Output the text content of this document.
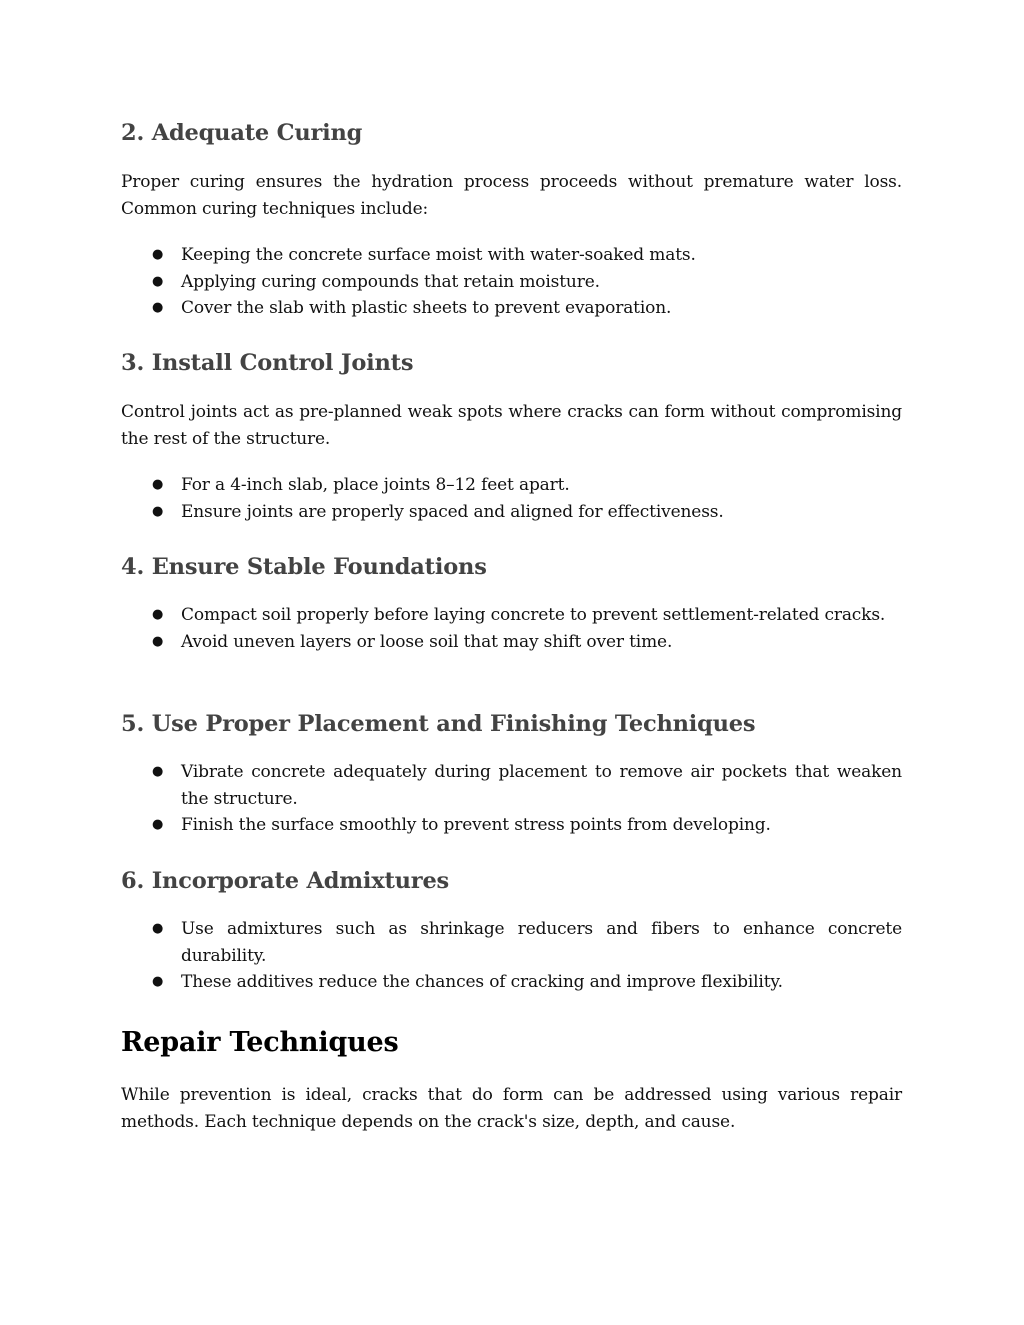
2. Adequate Curing

Proper curing ensures the hydration process proceeds without premature water loss. Common curing techniques include:

● Keeping the concrete surface moist with water-soaked mats.
● Applying curing compounds that retain moisture.
● Cover the slab with plastic sheets to prevent evaporation.
3. Install Control Joints

Control joints act as pre-planned weak spots where cracks can form without compromising the rest of the structure.

● For a 4-inch slab, place joints 8–12 feet apart.
● Ensure joints are properly spaced and aligned for effectiveness.
4. Ensure Stable Foundations
● Compact soil properly before laying concrete to prevent settlement-related cracks.
● Avoid uneven layers or loose soil that may shift over time.
5. Use Proper Placement and Finishing Techniques
● Vibrate concrete adequately during placement to remove air pockets that weaken the structure.
● Finish the surface smoothly to prevent stress points from developing.
6. Incorporate Admixtures
● Use admixtures such as shrinkage reducers and fibers to enhance concrete durability.
● These additives reduce the chances of cracking and improve flexibility.
Repair Techniques

While prevention is ideal, cracks that do form can be addressed using various repair methods. Each technique depends on the crack's size, depth, and cause.
